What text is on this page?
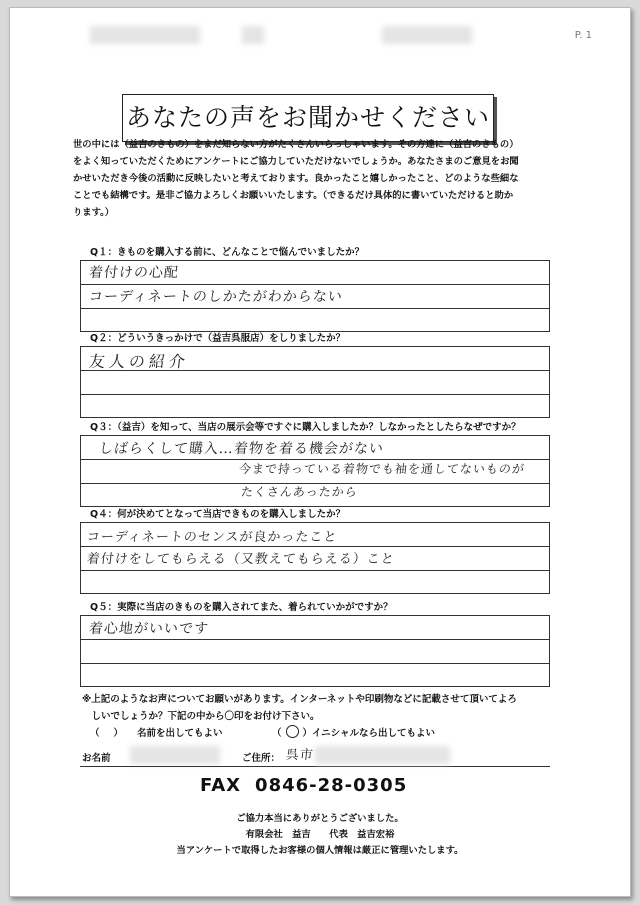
P. 1
あなたの声をお聞かせください
世の中には（益吉のきもの）をまだ知らない方がたくさんいらっしゃいます。その方達に（益吉のきもの）
をよく知っていただくためにアンケートにご協力していただけないでしょうか。あなたさまのご意見をお聞
かせいただき今後の活動に反映したいと考えております。良かったこと嬉しかったこと、どのような些細な
ことでも結構です。是非ご協力よろしくお願いいたします。（できるだけ具体的に書いていただけると助か
ります。）
Q１：きものを購入する前に、どんなことで悩んでいましたか？
着付けの心配
コーディネートのしかたがわからない
Q２：どういうきっかけで（益吉呉服店）をしりましたか？
友人の紹介
Q３：（益吉）を知って、当店の展示会等ですぐに購入しましたか？しなかったとしたらなぜですか？
しばらくして購入…着物を着る機会がない
今まで持っている着物でも袖を通してないものが
たくさんあったから
Q４：何が決めてとなって当店できものを購入しましたか？
コーディネートのセンスが良かったこと
着付けをしてもらえる（又教えてもらえる）こと
Q５：実際に当店のきものを購入されてまた、着られていかがですか？
着心地がいいです
※上記のようなお声についてお願いがあります。インターネットや印刷物などに記載させて頂いてよろ
　しいでしょうか？下記の中から〇印をお付け下さい。
（）名前を出してもよい	（ ○ ）イニシャルなら出してもよい
お名前	ご住所： 呉市
FAX 0846-28-0305
ご協力本当にありがとうございました。
有限会社　益吉　　代表　益吉宏裕
当アンケートで取得したお客様の個人情報は厳正に管理いたします。
